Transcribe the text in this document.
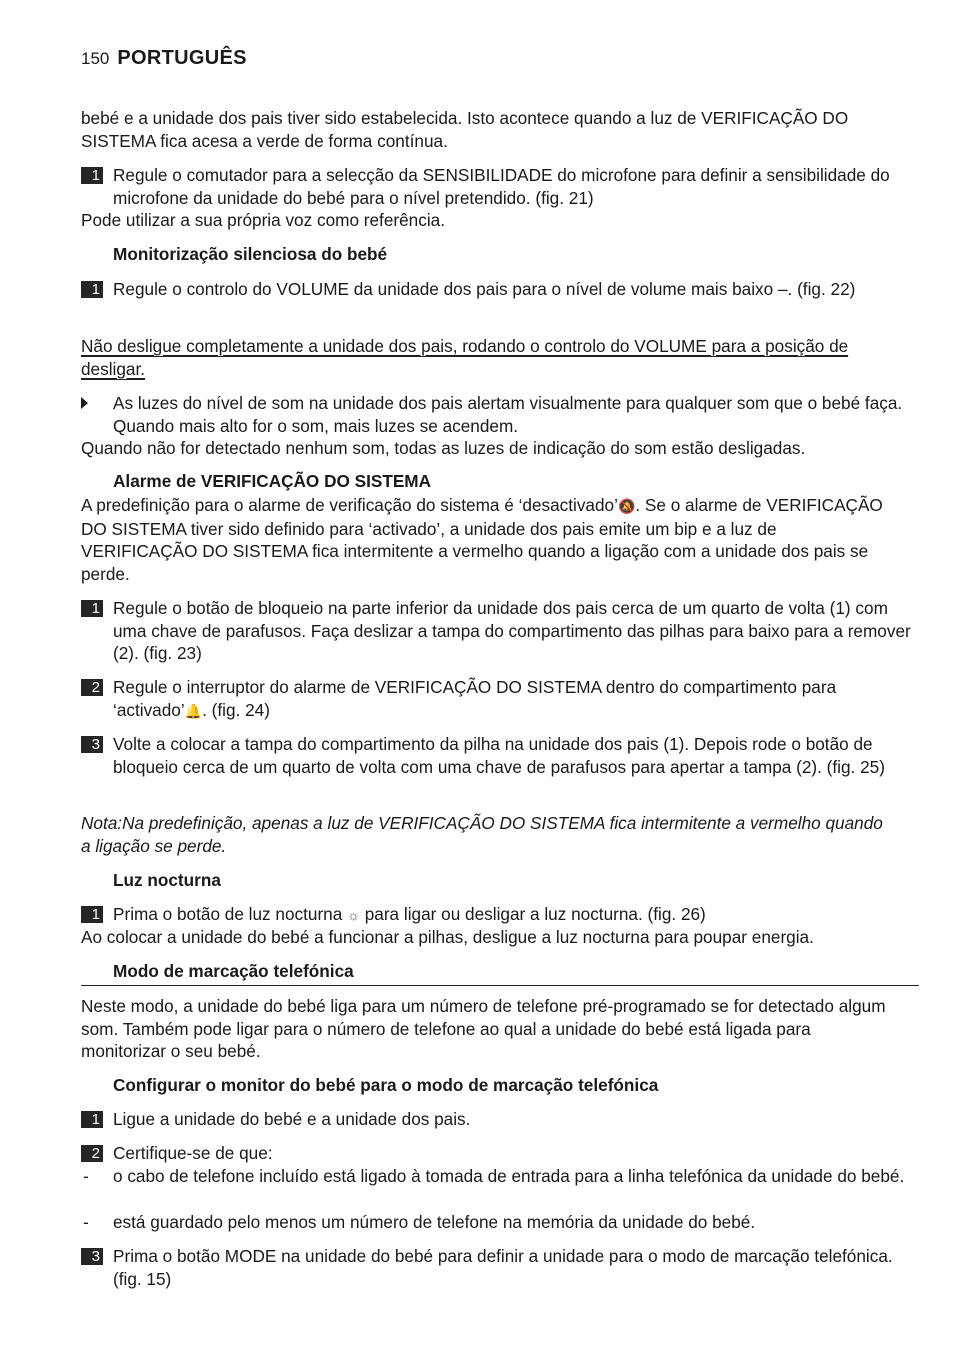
150 PORTUGUÊS

bebé e a unidade dos pais tiver sido estabelecida. Isto acontece quando a luz de VERIFICAÇÃO DO SISTEMA fica acesa a verde de forma contínua.

1 Regule o comutador para a selecção da SENSIBILIDADE do microfone para definir a sensibilidade do microfone da unidade do bebé para o nível pretendido. (fig. 21)

Pode utilizar a sua própria voz como referência.

Monitorização silenciosa do bebé
1 Regule o controlo do VOLUME da unidade dos pais para o nível de volume mais baixo –. (fig. 22)

Não desligue completamente a unidade dos pais, rodando o controlo do VOLUME para a posição de desligar.

As luzes do nível de som na unidade dos pais alertam visualmente para qualquer som que o bebé faça. Quando mais alto for o som, mais luzes se acendem.

Quando não for detectado nenhum som, todas as luzes de indicação do som estão desligadas.

Alarme de VERIFICAÇÃO DO SISTEMA

A predefinição para o alarme de verificação do sistema é ‘desactivado’🔕. Se o alarme de VERIFICAÇÃO DO SISTEMA tiver sido definido para ‘activado’, a unidade dos pais emite um bip e a luz de VERIFICAÇÃO DO SISTEMA fica intermitente a vermelho quando a ligação com a unidade dos pais se perde.

1 Regule o botão de bloqueio na parte inferior da unidade dos pais cerca de um quarto de volta (1) com uma chave de parafusos. Faça deslizar a tampa do compartimento das pilhas para baixo para a remover (2). (fig. 23)
2 Regule o interruptor do alarme de VERIFICAÇÃO DO SISTEMA dentro do compartimento para ‘activado’🔔. (fig. 24)
3 Volte a colocar a tampa do compartimento da pilha na unidade dos pais (1). Depois rode o botão de bloqueio cerca de um quarto de volta com uma chave de parafusos para apertar a tampa (2). (fig. 25)

Nota:Na predefinição, apenas a luz de VERIFICAÇÃO DO SISTEMA fica intermitente a vermelho quando a ligação se perde.

Luz nocturna
1 Prima o botão de luz nocturna ☼ para ligar ou desligar a luz nocturna. (fig. 26)

Ao colocar a unidade do bebé a funcionar a pilhas, desligue a luz nocturna para poupar energia.

Modo de marcação telefónica

Neste modo, a unidade do bebé liga para um número de telefone pré-programado se for detectado algum som. Também pode ligar para o número de telefone ao qual a unidade do bebé está ligada para monitorizar o seu bebé.

Configurar o monitor do bebé para o modo de marcação telefónica
1 Ligue a unidade do bebé e a unidade dos pais.
2 Certifique-se de que:
- o cabo de telefone incluído está ligado à tomada de entrada para a linha telefónica da unidade do bebé.
- está guardado pelo menos um número de telefone na memória da unidade do bebé.
3 Prima o botão MODE na unidade do bebé para definir a unidade para o modo de marcação telefónica. (fig. 15)
